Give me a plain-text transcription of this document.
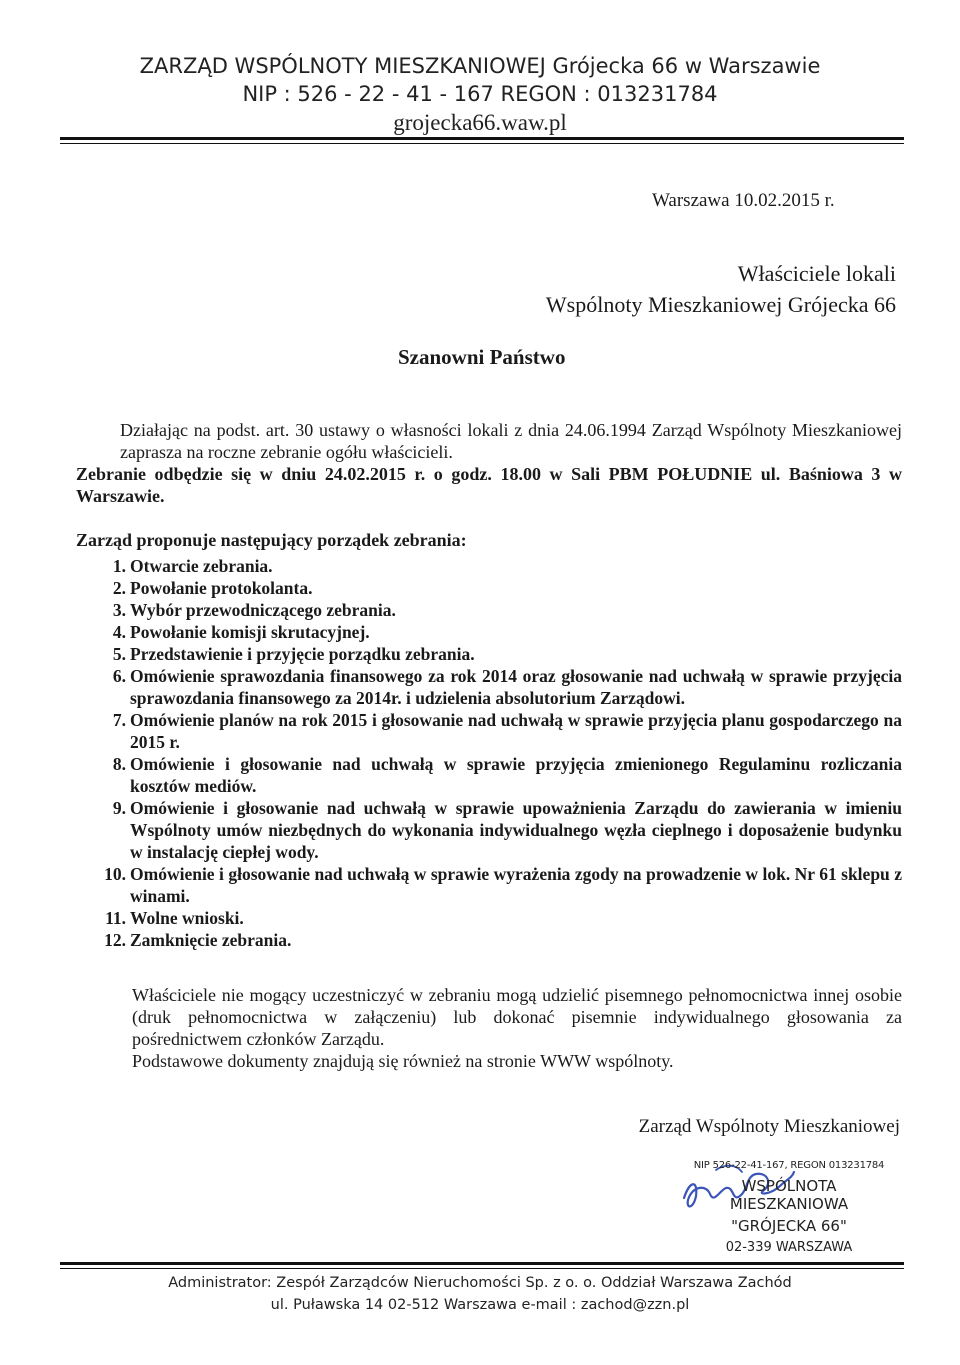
ZARZĄD WSPÓLNOTY MIESZKANIOWEJ Grójecka 66 w Warszawie
NIP : 526 - 22 - 41 - 167 REGON : 013231784
grojecka66.waw.pl
Warszawa 10.02.2015 r.
Właściciele lokali
Wspólnoty Mieszkaniowej Grójecka 66
Szanowni Państwo
Działając na podst. art. 30 ustawy o własności lokali z dnia 24.06.1994 Zarząd Wspólnoty Mieszkaniowej zaprasza na roczne zebranie ogółu właścicieli.
Zebranie odbędzie się w dniu 24.02.2015 r. o godz. 18.00 w Sali PBM POŁUDNIE ul. Baśniowa 3 w Warszawie.
Zarząd proponuje następujący porządek zebrania:
1. Otwarcie zebrania.
2. Powołanie protokolanta.
3. Wybór przewodniczącego zebrania.
4. Powołanie komisji skrutacyjnej.
5. Przedstawienie i przyjęcie porządku zebrania.
6. Omówienie sprawozdania finansowego za rok 2014 oraz głosowanie nad uchwałą w sprawie przyjęcia sprawozdania finansowego za 2014r. i udzielenia absolutorium Zarządowi.
7. Omówienie planów na rok 2015 i głosowanie nad uchwałą w sprawie przyjęcia planu gospodarczego na 2015 r.
8. Omówienie i głosowanie nad uchwałą w sprawie przyjęcia zmienionego Regulaminu rozliczania kosztów mediów.
9. Omówienie i głosowanie nad uchwałą w sprawie upoważnienia Zarządu do zawierania w imieniu Wspólnoty umów niezbędnych do wykonania indywidualnego węzła cieplnego i doposażenie budynku w instalację ciepłej wody.
10. Omówienie i głosowanie nad uchwałą w sprawie wyrażenia zgody na prowadzenie w lok. Nr 61 sklepu z winami.
11. Wolne wnioski.
12. Zamknięcie zebrania.
Właściciele nie mogący uczestniczyć w zebraniu mogą udzielić pisemnego pełnomocnictwa innej osobie (druk pełnomocnictwa w załączeniu) lub dokonać pisemnie indywidualnego głosowania za pośrednictwem członków Zarządu.
Podstawowe dokumenty znajdują się również na stronie WWW wspólnoty.
Zarząd Wspólnoty Mieszkaniowej
NIP 526-22-41-167, REGON 013231784
WSPÓLNOTA MIESZKANIOWA
"GRÓJECKA 66"
02-339 WARSZAWA
Administrator: Zespół Zarządców Nieruchomości Sp. z o. o. Oddział Warszawa Zachód
ul. Puławska 14 02-512 Warszawa e-mail : zachod@zzn.pl
